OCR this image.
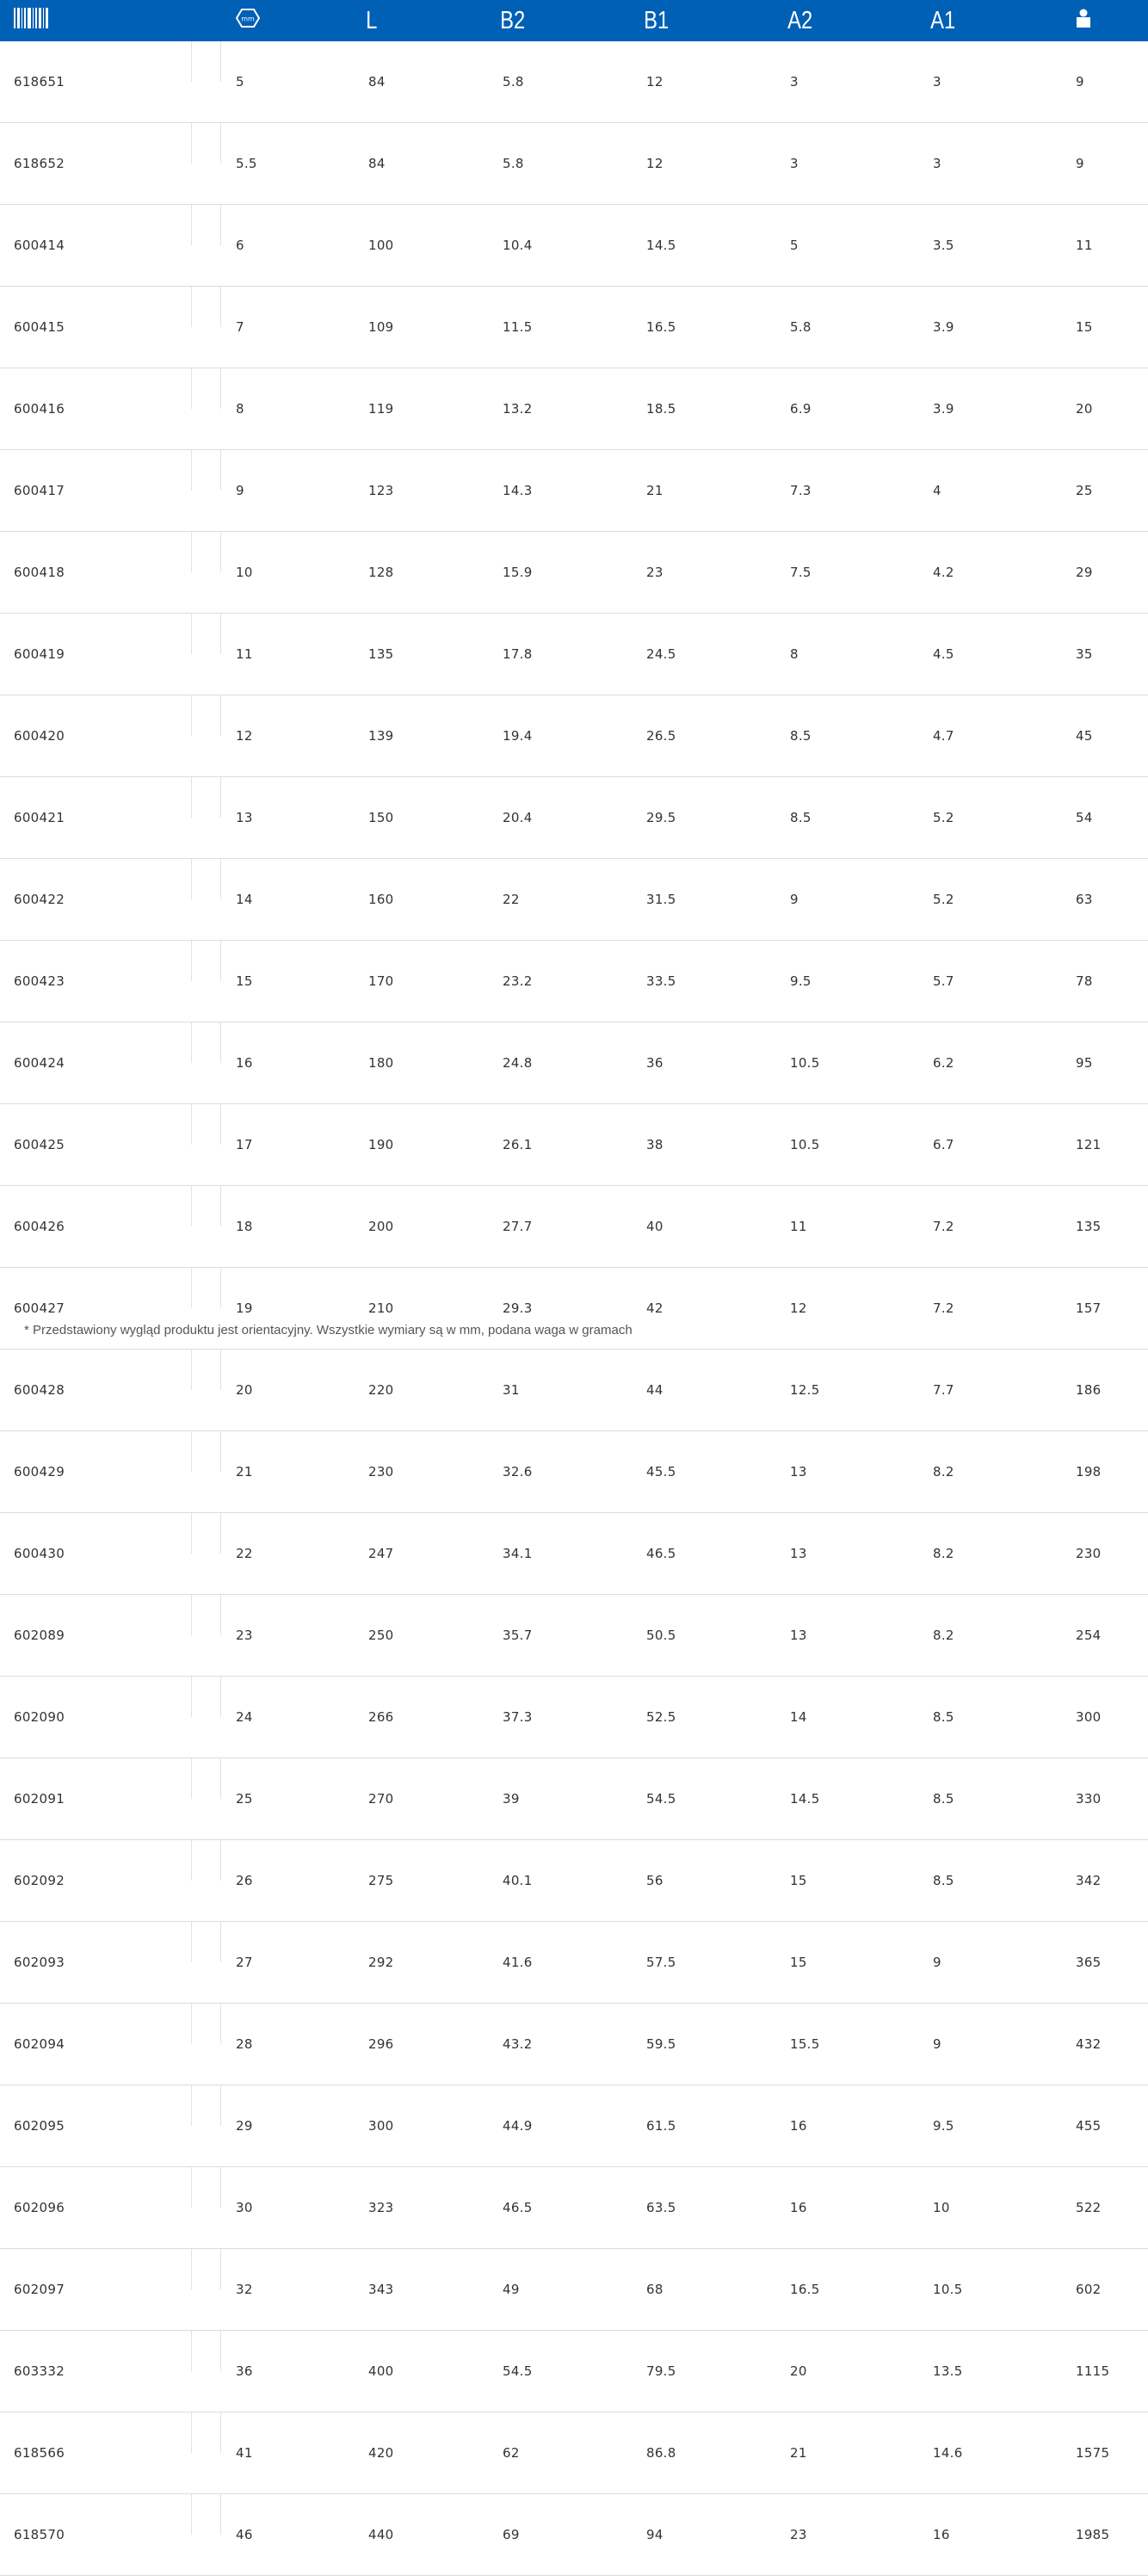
mm	L	B2	B1	A2	A1	
618651		5	84	5.8	12	3	3	9
618652		5.5	84	5.8	12	3	3	9
600414		6	100	10.4	14.5	5	3.5	11
600415		7	109	11.5	16.5	5.8	3.9	15
600416		8	119	13.2	18.5	6.9	3.9	20
600417		9	123	14.3	21	7.3	4	25
600418		10	128	15.9	23	7.5	4.2	29
600419		11	135	17.8	24.5	8	4.5	35
600420		12	139	19.4	26.5	8.5	4.7	45
600421		13	150	20.4	29.5	8.5	5.2	54
600422		14	160	22	31.5	9	5.2	63
600423		15	170	23.2	33.5	9.5	5.7	78
600424		16	180	24.8	36	10.5	6.2	95
600425		17	190	26.1	38	10.5	6.7	121
600426		18	200	27.7	40	11	7.2	135
600427		19	210	29.3	42	12	7.2	157
600428		20	220	31	44	12.5	7.7	186
600429		21	230	32.6	45.5	13	8.2	198
600430		22	247	34.1	46.5	13	8.2	230
602089		23	250	35.7	50.5	13	8.2	254
602090		24	266	37.3	52.5	14	8.5	300
602091		25	270	39	54.5	14.5	8.5	330
602092		26	275	40.1	56	15	8.5	342
602093		27	292	41.6	57.5	15	9	365
602094		28	296	43.2	59.5	15.5	9	432
602095		29	300	44.9	61.5	16	9.5	455
602096		30	323	46.5	63.5	16	10	522
602097		32	343	49	68	16.5	10.5	602
603332		36	400	54.5	79.5	20	13.5	1115
618566		41	420	62	86.8	21	14.6	1575
618570		46	440	69	94	23	16	1985
* Przedstawiony wygląd produktu jest orientacyjny. Wszystkie wymiary są w mm, podana waga w gramach
